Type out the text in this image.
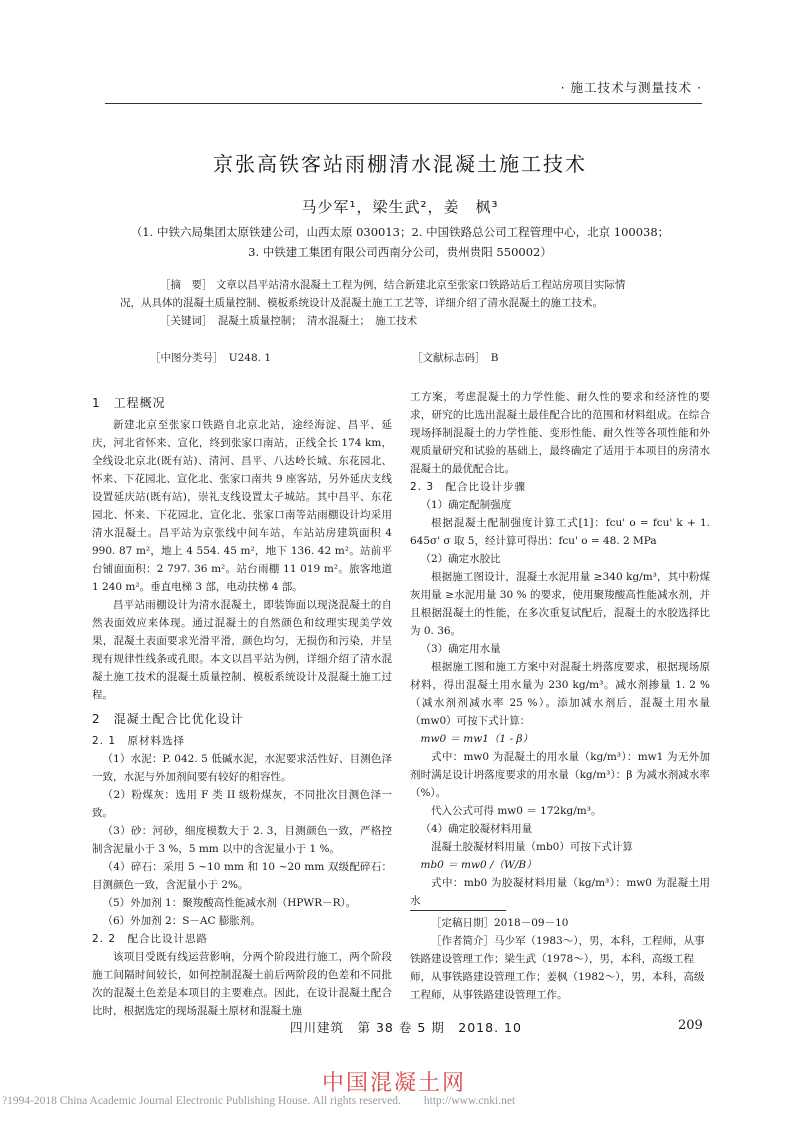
· 施工技术与测量技术 ·
京张高铁客站雨棚清水混凝土施工技术
马少军¹，梁生武²，姜　枫³
（1. 中铁六局集团太原铁建公司，山西太原 030013；2. 中国铁路总公司工程管理中心，北京 100038；
3. 中铁建工集团有限公司西南分公司，贵州贵阳 550002）

［摘　要］ 文章以昌平站清水混凝土工程为例，结合新建北京至张家口铁路站后工程站房项目实际情

况，从具体的混凝土质量控制、模板系统设计及混凝土施工工艺等，详细介绍了清水混凝土的施工技术。

［关键词］　 混凝土质量控制；　清水混凝土；　施工技术

［中图分类号］　 U248. 1	［文献标志码］　 B
1　工程概况

新建北京至张家口铁路自北京北站，途经海淀、昌平、延庆，河北省怀来、宣化，终到张家口南站，正线全长 174 km，全线设北京北(既有站)、清河、昌平、八达岭长城、东花园北、怀来、下花园北、宣化北、张家口南共 9 座客站，另外延庆支线设置延庆站(既有站)，崇礼支线设置太子城站。其中昌平、东花园北、怀来、下花园北、宣化北、张家口南等站雨棚设计均采用清水混凝土。昌平站为京张线中间车站，车站站房建筑面积 4 990. 87 m²，地上 4 554. 45 m²，地下 136. 42 m²。站前平台铺面面积：2 797. 36 m²。站台雨棚 11 019 m²。旅客地道 1 240 m²。垂直电梯 3 部，电动扶梯 4 部。

昌平站雨棚设计为清水混凝土，即装饰面以现浇混凝土的自然表面效应来体现。通过混凝土的自然颜色和纹理实现美学效果，混凝土表面要求光滑平滑，颜色均匀，无损伤和污染，并呈现有规律性线条或孔眼。本文以昌平站为例，详细介绍了清水混凝土施工技术的混凝土质量控制、模板系统设计及混凝土施工过程。

2　混凝土配合比优化设计
2. 1　原材料选择

（1）水泥：P. 042. 5 低碱水泥，水泥要求活性好、目测色泽一致，水泥与外加剂间要有较好的相容性。

（2）粉煤灰：选用 F 类 II 级粉煤灰，不同批次目测色泽一致。

（3）砂：河砂，细度模数大于 2. 3，目测颜色一致，严格控制含泥量小于 3 %，5 mm 以中的含泥量小于 1 %。

（4）碎石：采用 5 ~10 mm 和 10 ~20 mm 双级配碎石：目测颜色一致，含泥量小于 2%。

（5）外加剂 1：聚羧酸高性能减水剂（HPWR－R）。

（6）外加剂 2：S－AC 膨胀剂。

2. 2　配合比设计思路

该项目受既有线运营影响，分两个阶段进行施工，两个阶段施工间隔时间较长，如何控制混凝土前后两阶段的色差和不同批次的混凝土色差是本项目的主要难点。因此，在设计混凝土配合比时，根据选定的现场混凝土原材和混凝土施

工方案，考虑混凝土的力学性能、耐久性的要求和经济性的要求，研究的比选出混凝土最佳配合比的范围和材料组成。在综合现场择制混凝土的力学性能、变形性能、耐久性等各项性能和外观质量研究和试验的基础上，最终确定了适用于本项目的房清水混凝土的最优配合比。

2. 3　配合比设计步骤

（1）确定配制强度

根据混凝土配制强度计算工式[1]：fcu' o = fcu' k + 1. 645σ' σ 取 5，经计算可得出：fcu' o = 48. 2 MPa

（2）确定水胶比

根据施工图设计，混凝土水泥用量 ≥340 kg/m³，其中粉煤灰用量 ≥水泥用量 30 % 的要求，使用聚羧酸高性能减水剂，并且根据混凝土的性能，在多次重复试配后，混凝土的水胶选择比为 0. 36。

（3）确定用水量

根据施工图和施工方案中对混凝土坍落度要求，根据现场原材料，得出混凝土用水量为 230 kg/m³。减水剂掺量 1. 2 %（减水剂剂减水率 25 %）。添加减水剂后，混凝土用水量（mw0）可按下式计算：

mw0 ＝ mw1（1 - β）

式中：mw0 为混凝土的用水量（kg/m³）：mw1 为无外加剂时满足设计坍落度要求的用水量（kg/m³）：β 为减水剂减水率（%）。

代入公式可得 mw0 ＝ 172kg/m³。

（4）确定胶凝材料用量

混凝土胶凝材料用量（mb0）可按下式计算

mb0 ＝ mw0 /（W/B）

式中：mb0 为胶凝材料用量（kg/m³）：mw0 为混凝土用水

［定稿日期］2018－09－10

［作者简介］马少军（1983～），男，本科，工程师，从事铁路建设管理工作；梁生武（1978～），男，本科，高级工程师，从事铁路建设管理工作；姜枫（1982～），男，本科，高级工程师，从事铁路建设管理工作。

四川建筑　第 38 卷 5 期　2018. 10	209
中国混凝土网
?1994-2018 China Academic Journal Electronic Publishing House. All rights reserved.　　http://www.cnki.net
